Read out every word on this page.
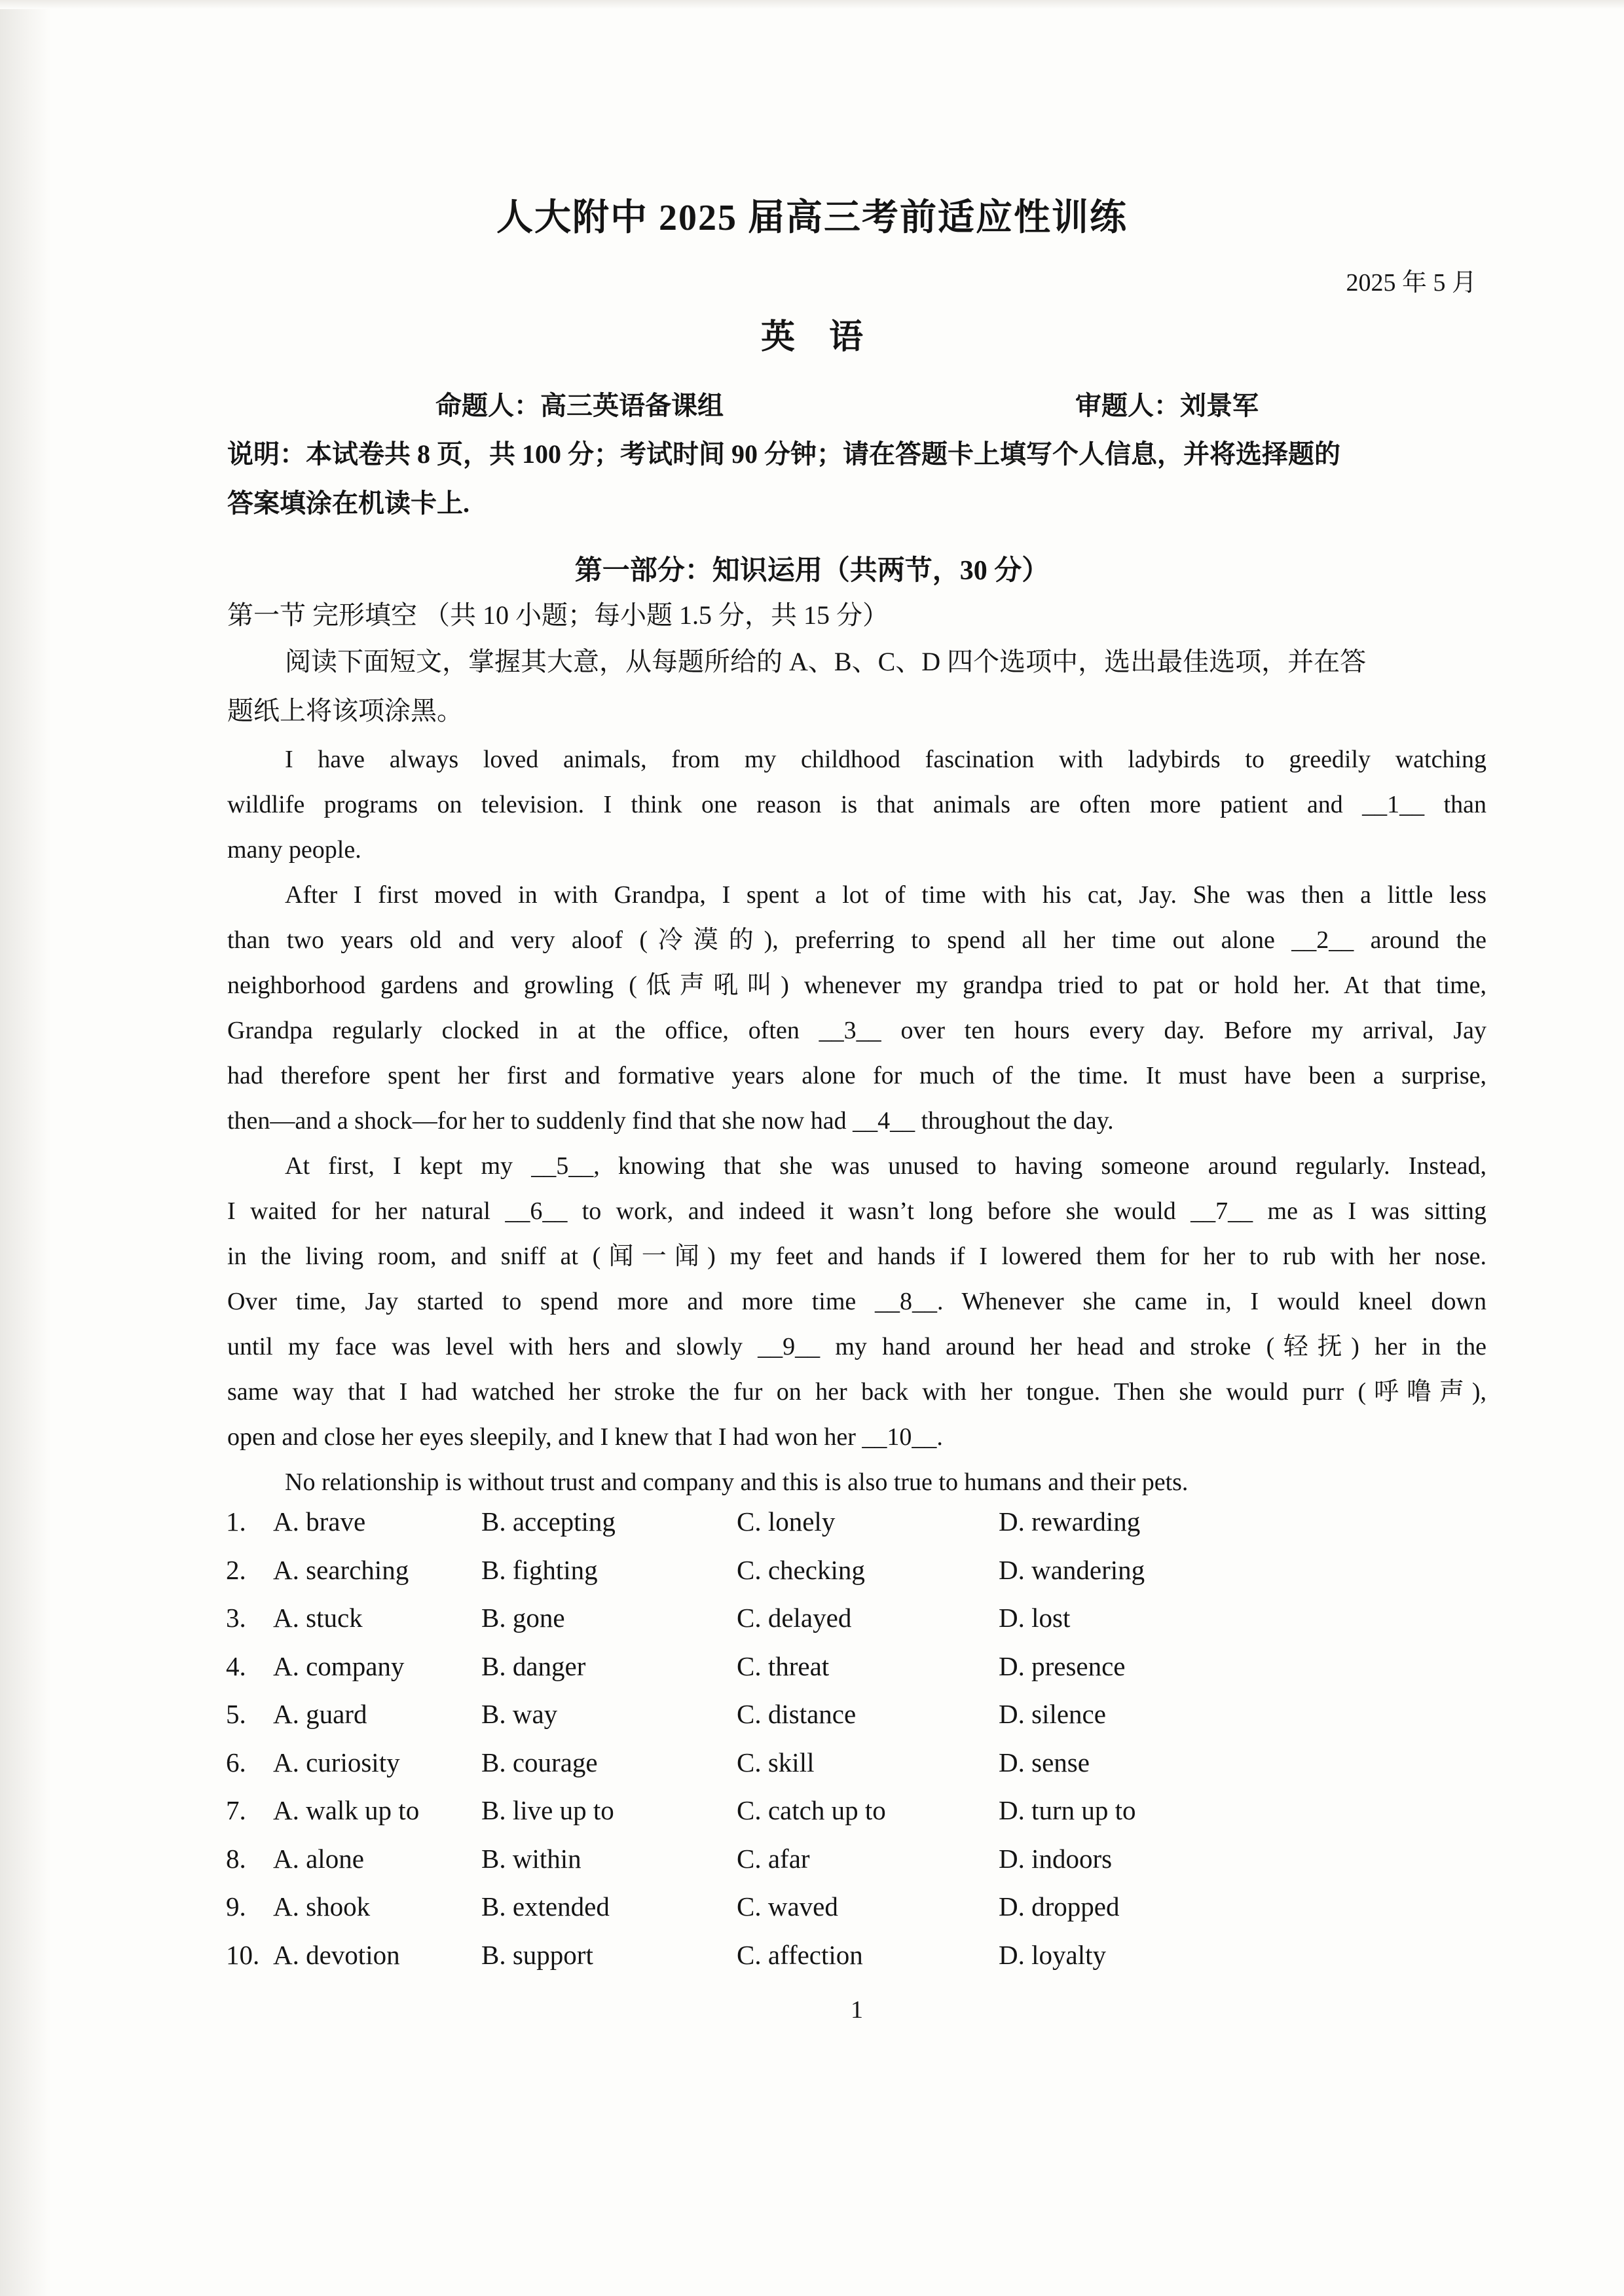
人大附中 2025 届高三考前适应性训练
2025 年 5 月
英　语
命题人：高三英语备课组	审题人：刘景军
说明：本试卷共 8 页，共 100 分；考试时间 90 分钟；请在答题卡上填写个人信息，并将选择题的
答案填涂在机读卡上.
第一部分：知识运用（共两节，30 分）
第一节 完形填空 （共 10 小题；每小题 1.5 分，共 15 分）
阅读下面短文，掌握其大意，从每题所给的 A、B、C、D 四个选项中，选出最佳选项，并在答
题纸上将该项涂黑。
I have always loved animals, from my childhood fascination with ladybirds to greedily watching
wildlife programs on television. I think one reason is that animals are often more patient and __1__ than
many people.
After I first moved in with Grandpa, I spent a lot of time with his cat, Jay. She was then a little less
than two years old and very aloof (冷漠的), preferring to spend all her time out alone __2__ around the
neighborhood gardens and growling (低声吼叫) whenever my grandpa tried to pat or hold her. At that time,
Grandpa regularly clocked in at the office, often __3__ over ten hours every day. Before my arrival, Jay
had therefore spent her first and formative years alone for much of the time. It must have been a surprise,
then—and a shock—for her to suddenly find that she now had __4__ throughout the day.
At first, I kept my __5__, knowing that she was unused to having someone around regularly. Instead,
I waited for her natural __6__ to work, and indeed it wasn’t long before she would __7__ me as I was sitting
in the living room, and sniff at (闻一闻) my feet and hands if I lowered them for her to rub with her nose.
Over time, Jay started to spend more and more time __8__. Whenever she came in, I would kneel down
until my face was level with hers and slowly __9__ my hand around her head and stroke (轻抚) her in the
same way that I had watched her stroke the fur on her back with her tongue. Then she would purr (呼噜声),
open and close her eyes sleepily, and I knew that I had won her __10__.
No relationship is without trust and company and this is also true to humans and their pets.
1.	A. brave	B. accepting	C. lonely	D. rewarding
2.	A. searching	B. fighting	C. checking	D. wandering
3.	A. stuck	B. gone	C. delayed	D. lost
4.	A. company	B. danger	C. threat	D. presence
5.	A. guard	B. way	C. distance	D. silence
6.	A. curiosity	B. courage	C. skill	D. sense
7.	A. walk up to	B. live up to	C. catch up to	D. turn up to
8.	A. alone	B. within	C. afar	D. indoors
9.	A. shook	B. extended	C. waved	D. dropped
10. A. devotion	B. support	C. affection	D. loyalty
1
